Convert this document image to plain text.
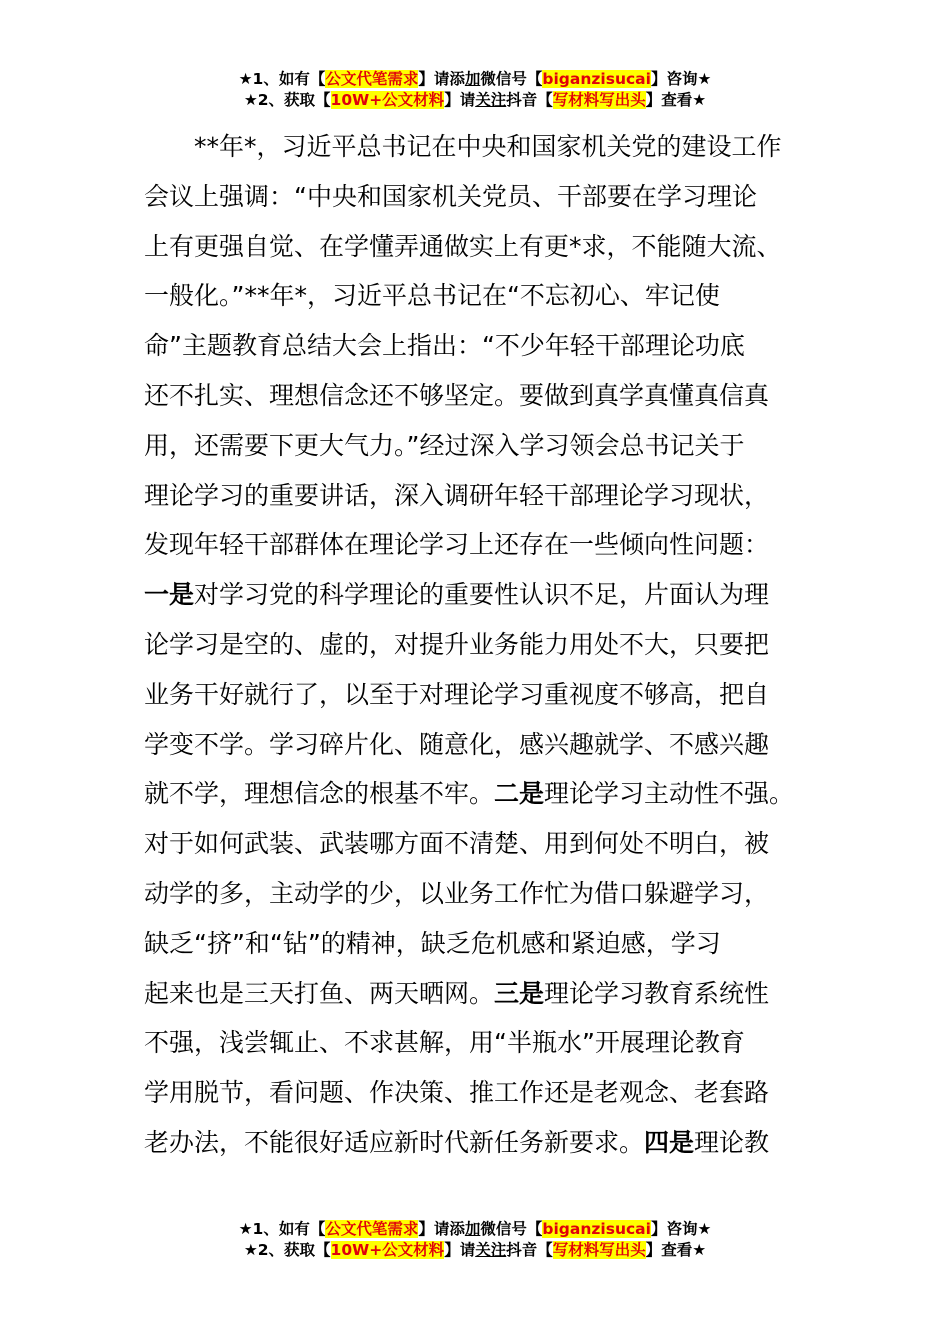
★1、如有【公文代笔需求】请添加微信号【biganzisucai】咨询★
★2、获取【10W+公文材料】请关注抖音【写材料写出头】查看★
**年*，习近平总书记在中央和国家机关党的建设工作
会议上强调：“中央和国家机关党员、干部要在学习理论
上有更强自觉、在学懂弄通做实上有更*求，不能随大流、
一般化。”**年*，习近平总书记在“不忘初心、牢记使
命”主题教育总结大会上指出：“不少年轻干部理论功底
还不扎实、理想信念还不够坚定。要做到真学真懂真信真
用，还需要下更大气力。”经过深入学习领会总书记关于
理论学习的重要讲话，深入调研年轻干部理论学习现状，
发现年轻干部群体在理论学习上还存在一些倾向性问题：
一是对学习党的科学理论的重要性认识不足，片面认为理
论学习是空的、虚的，对提升业务能力用处不大，只要把
业务干好就行了，以至于对理论学习重视度不够高，把自
学变不学。学习碎片化、随意化，感兴趣就学、不感兴趣
就不学，理想信念的根基不牢。二是理论学习主动性不强。
对于如何武装、武装哪方面不清楚、用到何处不明白，被
动学的多，主动学的少，以业务工作忙为借口躲避学习，
缺乏“挤”和“钻”的精神，缺乏危机感和紧迫感，学习
起来也是三天打鱼、两天晒网。三是理论学习教育系统性
不强，浅尝辄止、不求甚解，用“半瓶水”开展理论教育
学用脱节，看问题、作决策、推工作还是老观念、老套路
老办法，不能很好适应新时代新任务新要求。四是理论教
★1、如有【公文代笔需求】请添加微信号【biganzisucai】咨询★
★2、获取【10W+公文材料】请关注抖音【写材料写出头】查看★
